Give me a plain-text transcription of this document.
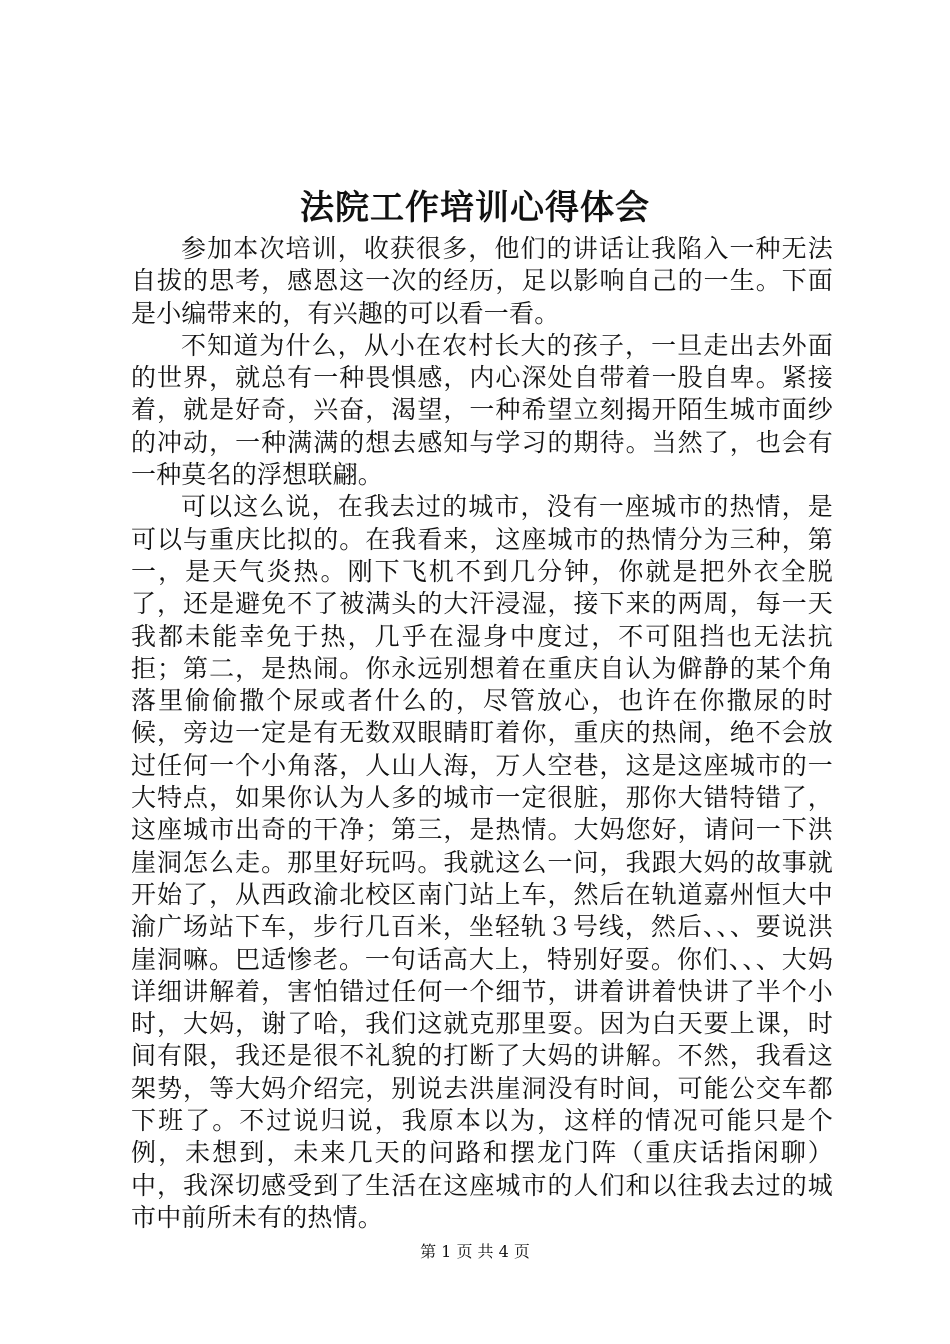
法院工作培训心得体会

参加本次培训，收获很多，他们的讲话让我陷入一种无法自拔的思考，感恩这一次的经历，足以影响自己的一生。下面是小编带来的，有兴趣的可以看一看。

不知道为什么，从小在农村长大的孩子，一旦走出去外面的世界，就总有一种畏惧感，内心深处自带着一股自卑。紧接着，就是好奇，兴奋，渴望，一种希望立刻揭开陌生城市面纱的冲动，一种满满的想去感知与学习的期待。当然了，也会有一种莫名的浮想联翩。

可以这么说，在我去过的城市，没有一座城市的热情，是可以与重庆比拟的。在我看来，这座城市的热情分为三种，第一，是天气炎热。刚下飞机不到几分钟，你就是把外衣全脱了，还是避免不了被满头的大汗浸湿，接下来的两周，每一天我都未能幸免于热，几乎在湿身中度过，不可阻挡也无法抗拒；第二，是热闹。你永远别想着在重庆自认为僻静的某个角落里偷偷撒个尿或者什么的，尽管放心，也许在你撒尿的时候，旁边一定是有无数双眼睛盯着你，重庆的热闹，绝不会放过任何一个小角落，人山人海，万人空巷，这是这座城市的一大特点，如果你认为人多的城市一定很脏，那你大错特错了，这座城市出奇的干净；第三，是热情。大妈您好，请问一下洪崖洞怎么走。那里好玩吗。我就这么一问，我跟大妈的故事就开始了，从西政渝北校区南门站上车，然后在轨道嘉州恒大中渝广场站下车，步行几百米，坐轻轨３号线，然后、、、要说洪崖洞嘛。巴适惨老。一句话高大上，特别好耍。你们、、、大妈详细讲解着，害怕错过任何一个细节，讲着讲着快讲了半个小时，大妈，谢了哈，我们这就克那里耍。因为白天要上课，时间有限，我还是很不礼貌的打断了大妈的讲解。不然，我看这架势，等大妈介绍完，别说去洪崖洞没有时间，可能公交车都下班了。不过说归说，我原本以为，这样的情况可能只是个例，未想到，未来几天的问路和摆龙门阵（重庆话指闲聊）中，我深切感受到了生活在这座城市的人们和以往我去过的城市中前所未有的热情。

第 1 页 共 4 页
